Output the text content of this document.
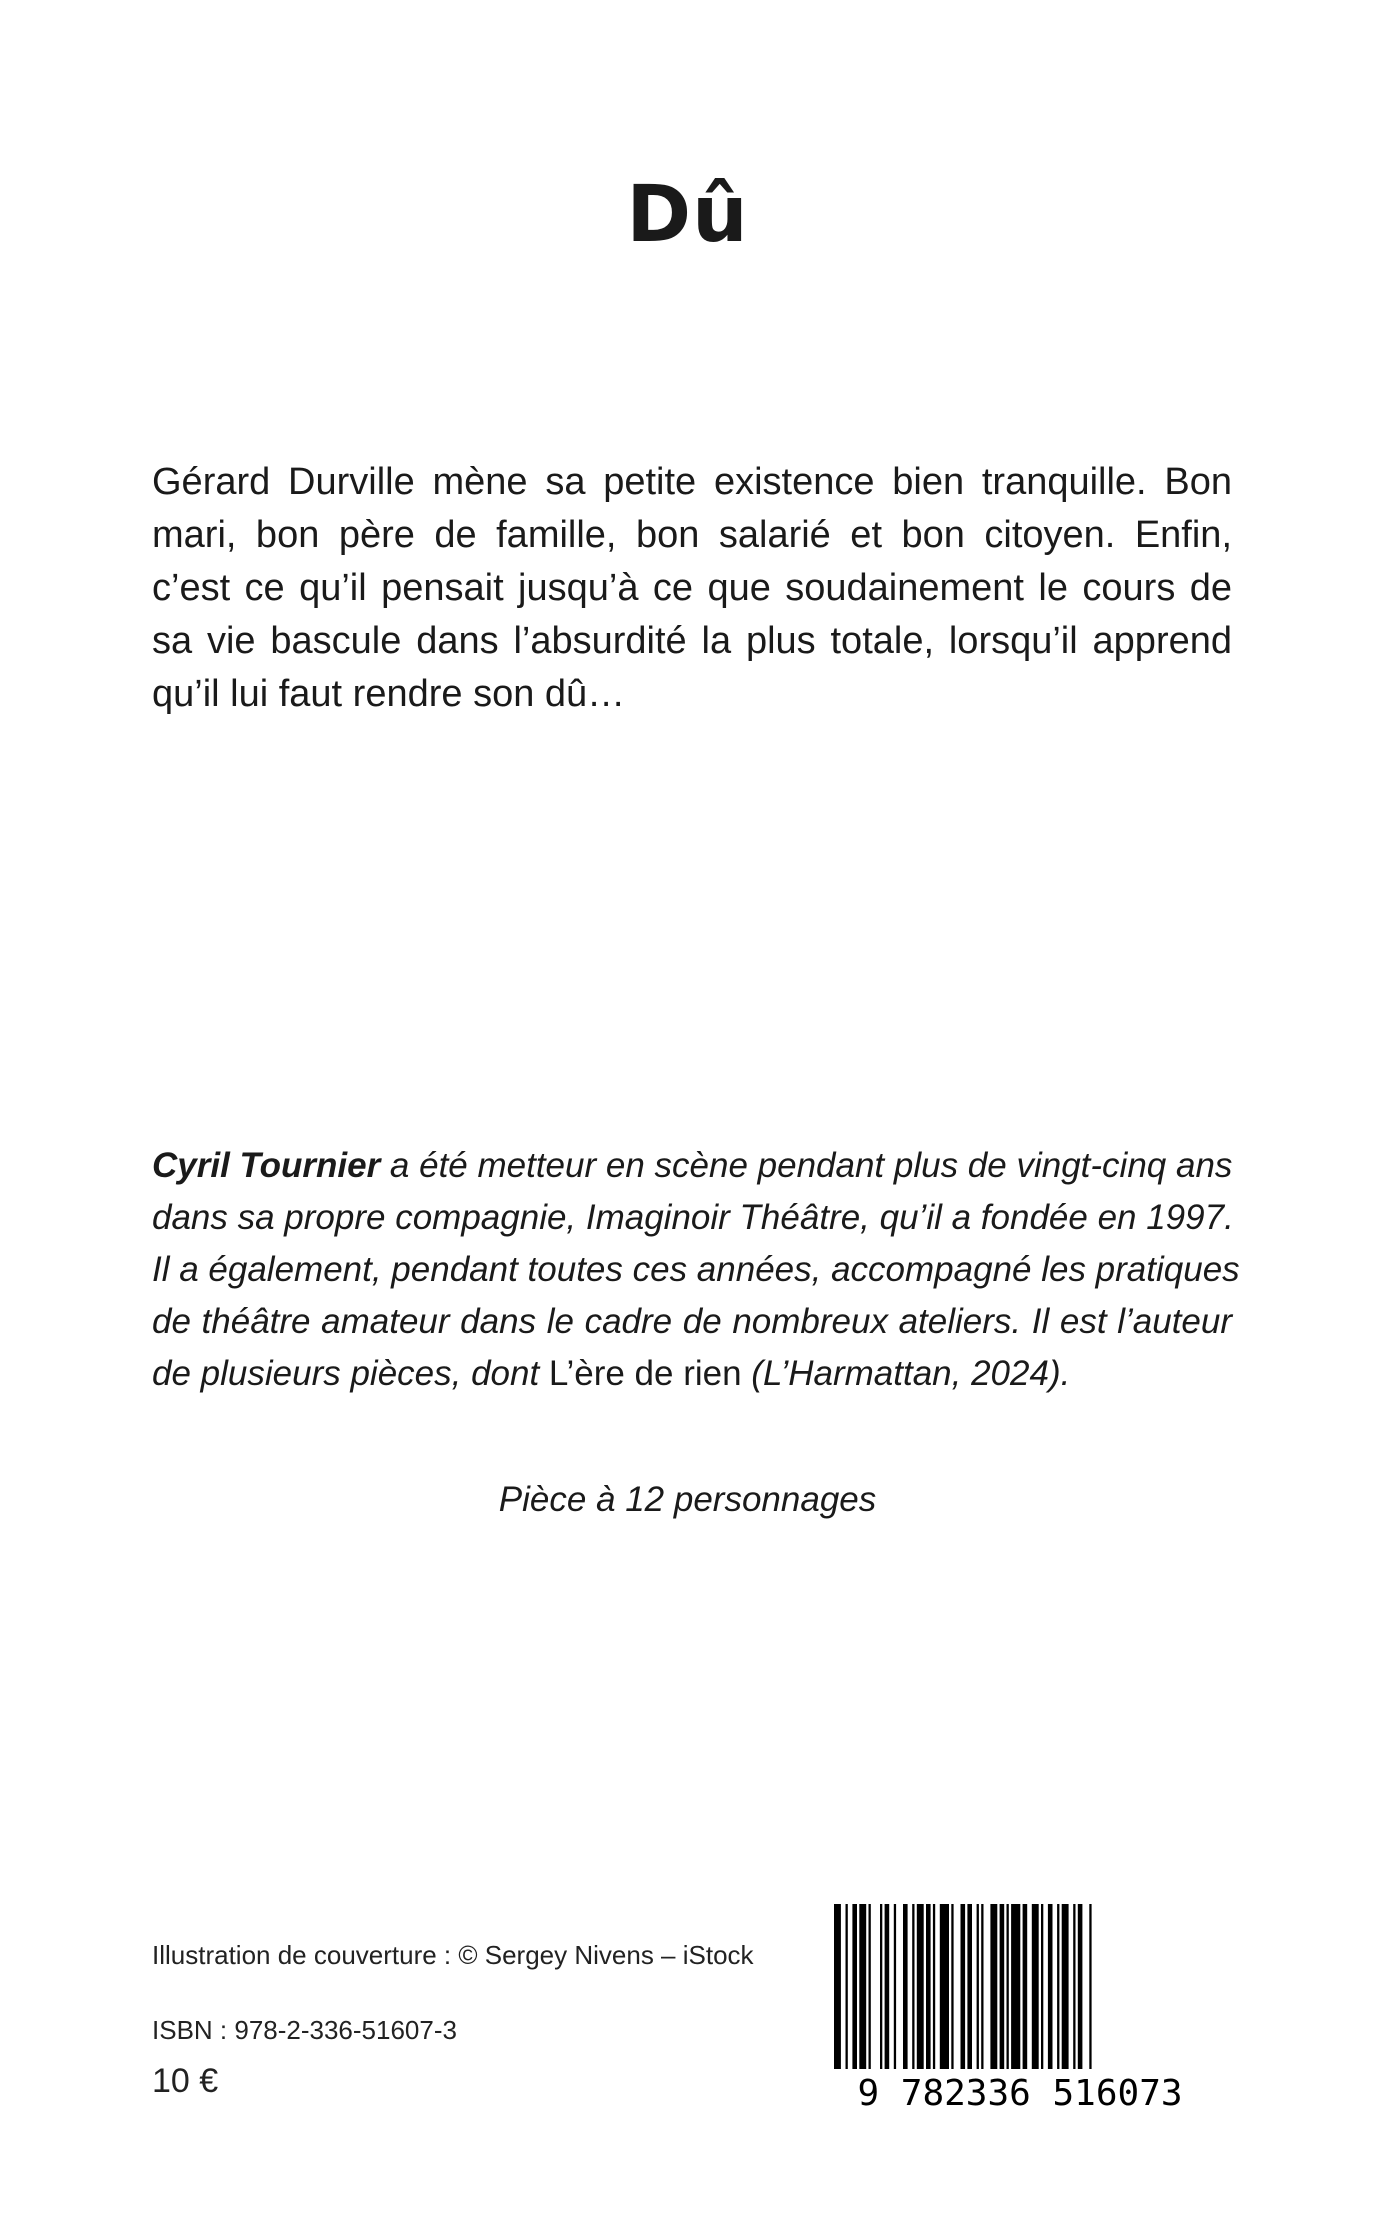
Dû
Gérard Durville mène sa petite existence bien tranquille. Bon
mari, bon père de famille, bon salarié et bon citoyen. Enfin,
c’est ce qu’il pensait jusqu’à ce que soudainement le cours de
sa vie bascule dans l’absurdité la plus totale, lorsqu’il apprend
qu’il lui faut rendre son dû…
Cyril Tournier a été metteur en scène pendant plus de vingt-cinq ans
dans sa propre compagnie, Imaginoir Théâtre, qu’il a fondée en 1997.
Il a également, pendant toutes ces années, accompagné les pratiques
de théâtre amateur dans le cadre de nombreux ateliers. Il est l’auteur
de plusieurs pièces, dont L’ère de rien (L’Harmattan, 2024).
Pièce à 12 personnages
Illustration de couverture : © Sergey Nivens – iStock
ISBN : 978-2-336-51607-3
10 €	9 782336 516073
